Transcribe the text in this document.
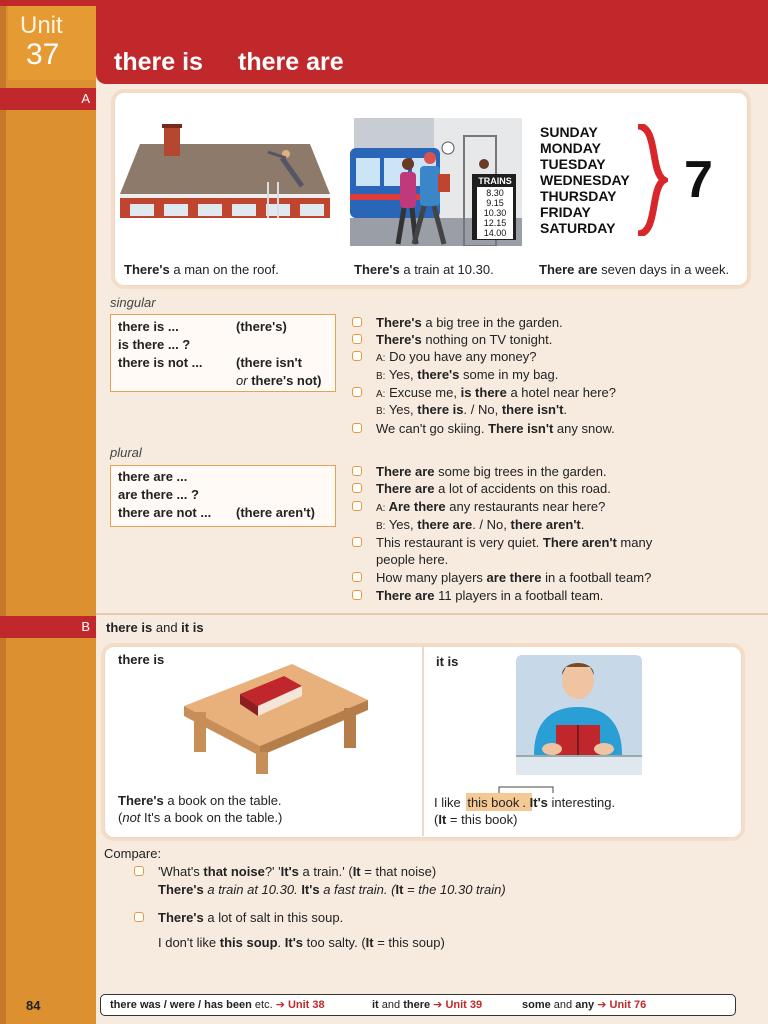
Unit
37 there is there are
A
TRAINS
8.30
9.15
10.30
12.15
14.00
SUNDAY
MONDAY
TUESDAY
WEDNESDAY
THURSDAY
FRIDAY
SATURDAY
7
There's a man on the roof.	There's a train at 10.30.	There are seven days in a week.
singular
there is ...	(there's)
is there ... ?
there is not ...	(there isn't
or there's not)
There's a big tree in the garden.
There's nothing on TV tonight.
A: Do you have any money?
B: Yes, there's some in my bag.
A: Excuse me, is there a hotel near here?
B: Yes, there is. / No, there isn't.
We can't go skiing. There isn't any snow.
plural
there are ...
are there ... ?
there are not ... (there aren't)
There are some big trees in the garden.
There are a lot of accidents on this road.
A: Are there any restaurants near here?
B: Yes, there are. / No, there aren't.
This restaurant is very quiet. There aren't many
people here.
How many players are there in a football team?
There are 11 players in a football team.
B	there is and it is
there is	it is
There's a book on the table.
(not It's a book on the table.)
I like this book . It's interesting.
(It = this book)
Compare:
'What's that noise?' 'It's a train.' (It = that noise)
There's a train at 10.30. It's a fast train. (It = the 10.30 train)
There's a lot of salt in this soup.
I don't like this soup. It's too salty. (It = this soup)
84	there was / were / has been etc. ➔ Unit 38	it and there ➔ Unit 39	some and any ➔ Unit 76
